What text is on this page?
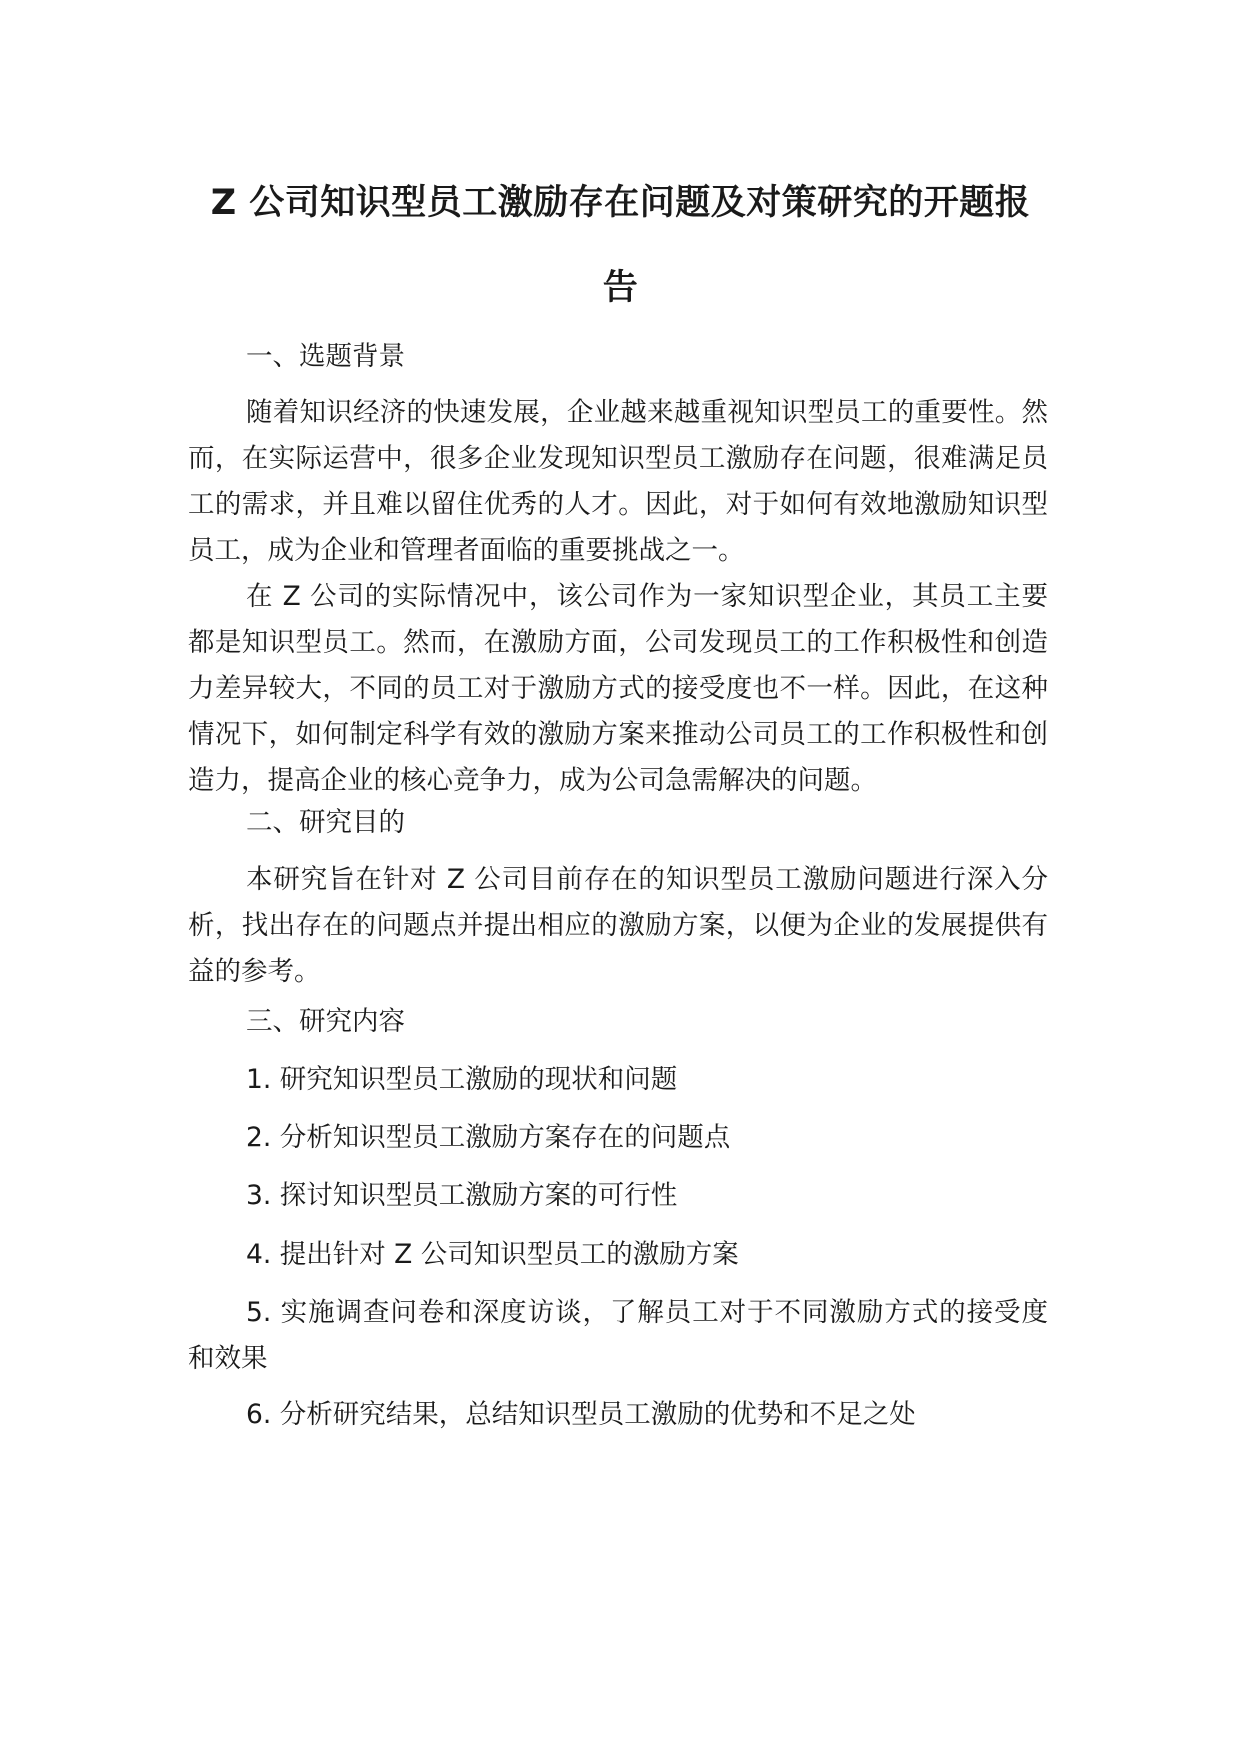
Z 公司知识型员工激励存在问题及对策研究的开题报
告

一、选题背景

随着知识经济的快速发展，企业越来越重视知识型员工的重要性。然而，在实际运营中，很多企业发现知识型员工激励存在问题，很难满足员工的需求，并且难以留住优秀的人才。因此，对于如何有效地激励知识型员工，成为企业和管理者面临的重要挑战之一。

在 Z 公司的实际情况中，该公司作为一家知识型企业，其员工主要都是知识型员工。然而，在激励方面，公司发现员工的工作积极性和创造力差异较大，不同的员工对于激励方式的接受度也不一样。因此，在这种情况下，如何制定科学有效的激励方案来推动公司员工的工作积极性和创造力，提高企业的核心竞争力，成为公司急需解决的问题。

二、研究目的

本研究旨在针对 Z 公司目前存在的知识型员工激励问题进行深入分析，找出存在的问题点并提出相应的激励方案，以便为企业的发展提供有益的参考。

三、研究内容

1. 研究知识型员工激励的现状和问题

2. 分析知识型员工激励方案存在的问题点

3. 探讨知识型员工激励方案的可行性

4. 提出针对 Z 公司知识型员工的激励方案

5. 实施调查问卷和深度访谈，了解员工对于不同激励方式的接受度和效果

6. 分析研究结果，总结知识型员工激励的优势和不足之处
